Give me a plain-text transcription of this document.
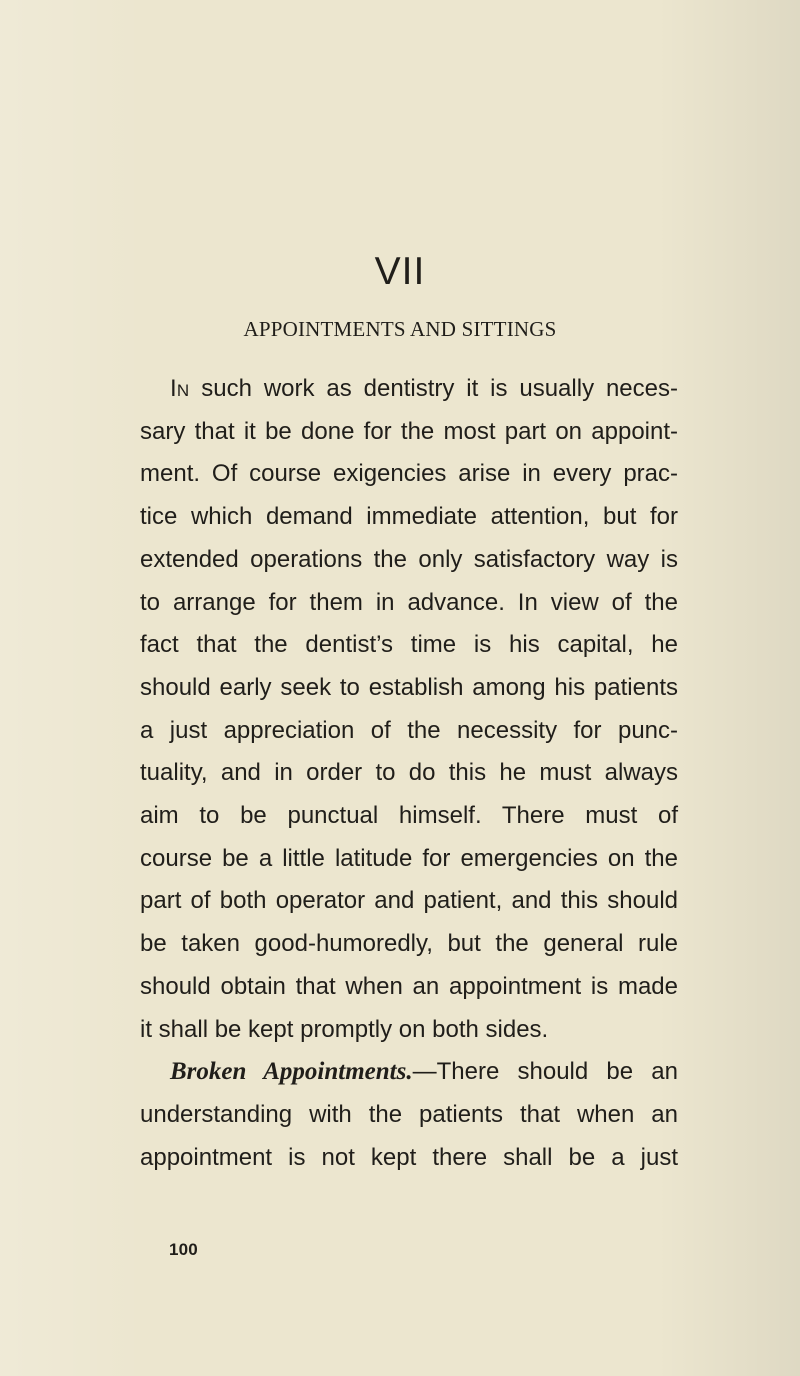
VII
APPOINTMENTS AND SITTINGS
In such work as dentistry it is usually neces-
sary that it be done for the most part on appoint-
ment. Of course exigencies arise in every prac-
tice which demand immediate attention, but for
extended operations the only satisfactory way is
to arrange for them in advance. In view of the
fact that the dentist’s time is his capital, he
should early seek to establish among his patients
a just appreciation of the necessity for punc-
tuality, and in order to do this he must always
aim to be punctual himself. There must of
course be a little latitude for emergencies on the
part of both operator and patient, and this should
be taken good-humoredly, but the general rule
should obtain that when an appointment is made
it shall be kept promptly on both sides.
Broken Appointments.—There should be an
understanding with the patients that when an
appointment is not kept there shall be a just
100
